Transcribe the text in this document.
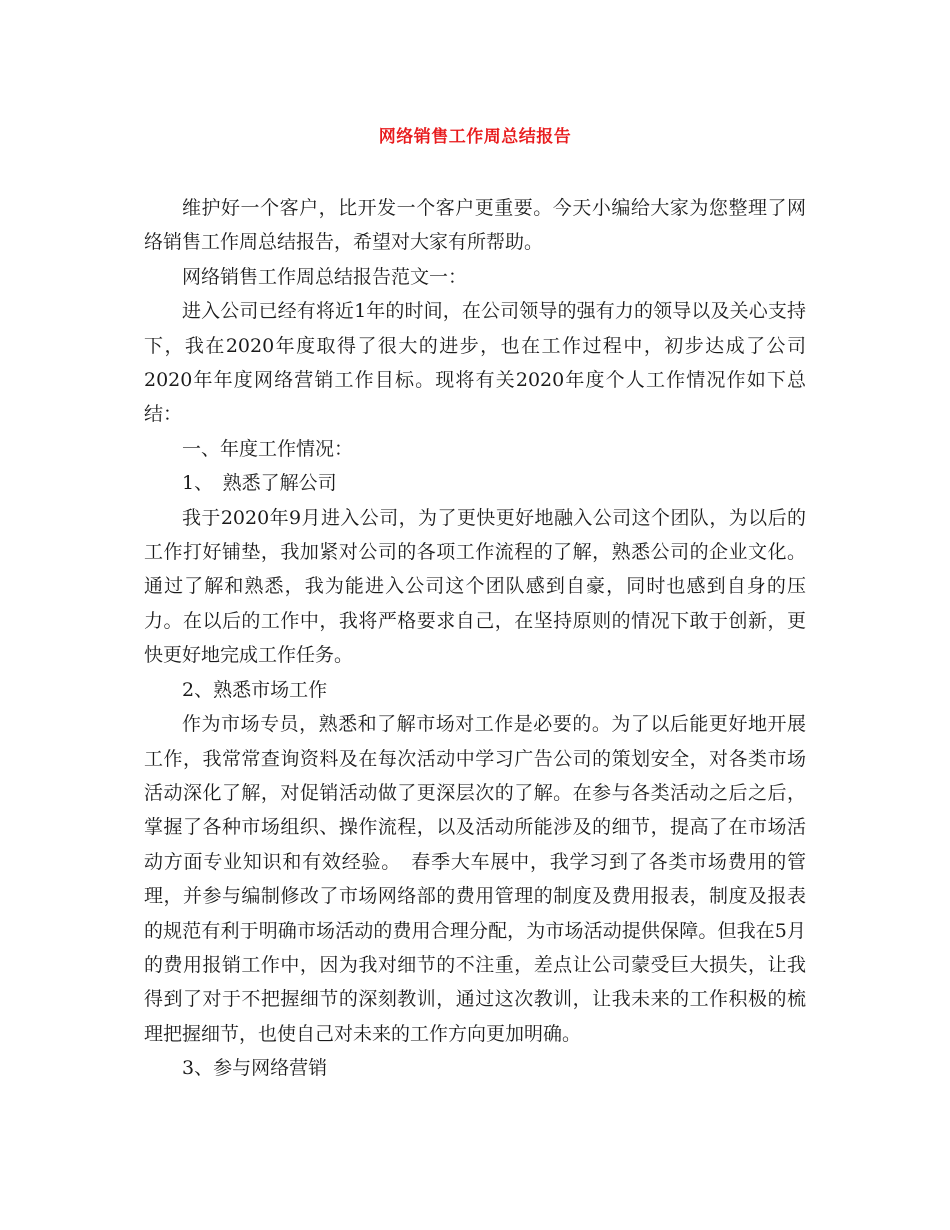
网络销售工作周总结报告

维护好一个客户，比开发一个客户更重要。今天小编给大家为您整理了网络销售工作周总结报告，希望对大家有所帮助。

网络销售工作周总结报告范文一：

进入公司已经有将近1年的时间，在公司领导的强有力的领导以及关心支持下，我在2020年度取得了很大的进步，也在工作过程中，初步达成了公司2020年年度网络营销工作目标。现将有关2020年度个人工作情况作如下总结：

一、年度工作情况：

1、　熟悉了解公司

我于2020年9月进入公司，为了更快更好地融入公司这个团队，为以后的工作打好铺垫，我加紧对公司的各项工作流程的了解，熟悉公司的企业文化。通过了解和熟悉，我为能进入公司这个团队感到自豪，同时也感到自身的压力。在以后的工作中，我将严格要求自己，在坚持原则的情况下敢于创新，更快更好地完成工作任务。

2、熟悉市场工作

作为市场专员，熟悉和了解市场对工作是必要的。为了以后能更好地开展工作，我常常查询资料及在每次活动中学习广告公司的策划安全，对各类市场活动深化了解，对促销活动做了更深层次的了解。在参与各类活动之后之后，掌握了各种市场组织、操作流程，以及活动所能涉及的细节，提高了在市场活动方面专业知识和有效经验。　春季大车展中，我学习到了各类市场费用的管理，并参与编制修改了市场网络部的费用管理的制度及费用报表，制度及报表的规范有利于明确市场活动的费用合理分配，为市场活动提供保障。但我在5月的费用报销工作中，因为我对细节的不注重，差点让公司蒙受巨大损失，让我得到了对于不把握细节的深刻教训，通过这次教训，让我未来的工作积极的梳理把握细节，也使自己对未来的工作方向更加明确。

3、参与网络营销
